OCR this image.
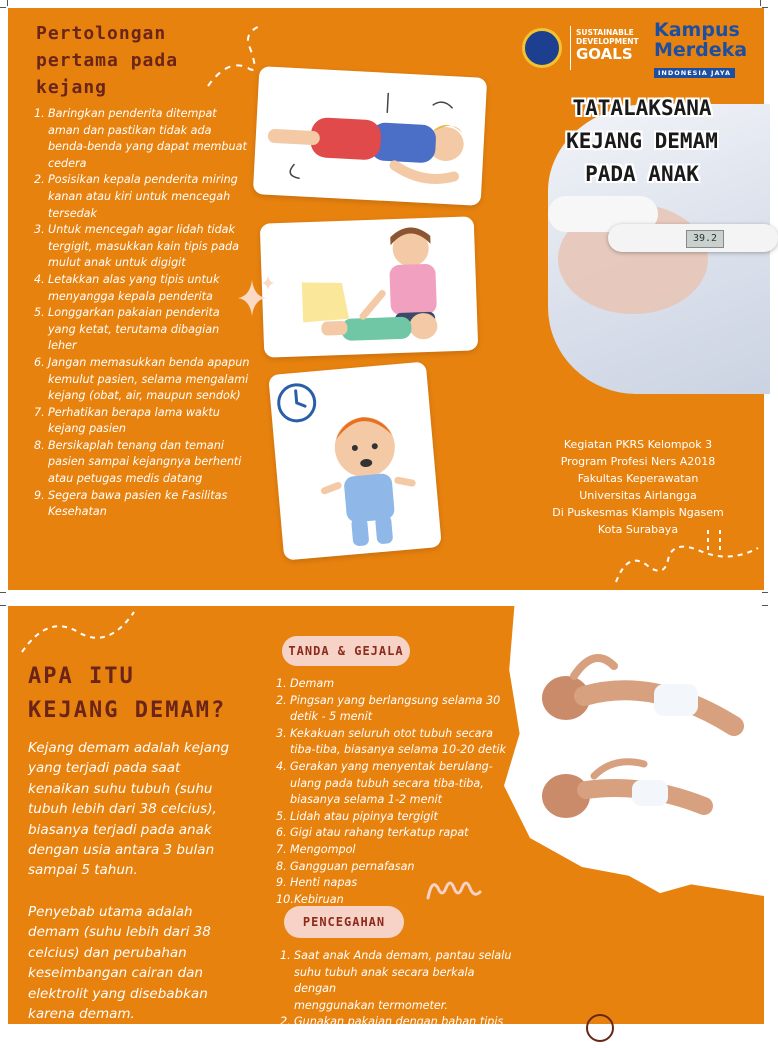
Pertolongan
pertama pada
kejang
1. Baringkan penderita ditempat
aman dan pastikan tidak ada
benda-benda yang dapat membuat
cedera
2. Posisikan kepala penderita miring
kanan atau kiri untuk mencegah
tersedak
3. Untuk mencegah agar lidah tidak
tergigit, masukkan kain tipis pada
mulut anak untuk digigit
4. Letakkan alas yang tipis untuk
menyangga kepala penderita
5. Longgarkan pakaian penderita
yang ketat, terutama dibagian
leher
6. Jangan memasukkan benda apapun
kemulut pasien, selama mengalami
kejang (obat, air, maupun sendok)
7. Perhatikan berapa lama waktu
kejang pasien
8. Bersikaplah tenang dan temani
pasien sampai kejangnya berhenti
atau petugas medis datang
9. Segera bawa pasien ke Fasilitas
Kesehatan
SUSTAINABLE
DEVELOPMENT
GOALS
Kampus
Merdeka
INDONESIA JAYA
39.2
TATALAKSANA
KEJANG DEMAM
PADA ANAK
Kegiatan PKRS Kelompok 3
Program Profesi Ners A2018
Fakultas Keperawatan
Universitas Airlangga
Di Puskesmas Klampis Ngasem
Kota Surabaya
APA ITU
KEJANG DEMAM?
Kejang demam adalah kejang
yang terjadi pada saat
kenaikan suhu tubuh (suhu
tubuh lebih dari 38 celcius),
biasanya terjadi pada anak
dengan usia antara 3 bulan
sampai 5 tahun.
Penyebab utama adalah
demam (suhu lebih dari 38
celcius) dan perubahan
keseimbangan cairan dan
elektrolit yang disebabkan
karena demam.
TANDA & GEJALA
1. Demam
2. Pingsan yang berlangsung selama 30
detik - 5 menit
3. Kekakuan seluruh otot tubuh secara
tiba-tiba, biasanya selama 10-20 detik
4. Gerakan yang menyentak berulang-
ulang pada tubuh secara tiba-tiba,
biasanya selama 1-2 menit
5. Lidah atau pipinya tergigit
6. Gigi atau rahang terkatup rapat
7. Mengompol
8. Gangguan pernafasan
9. Henti napas
10. Kebiruan
PENCEGAHAN
1. Saat anak Anda demam, pantau selalu
suhu tubuh anak secara berkala dengan
menggunakan termometer.
2. Gunakan pakaian dengan bahan tipis
atau bahan yang mudah menyerap
